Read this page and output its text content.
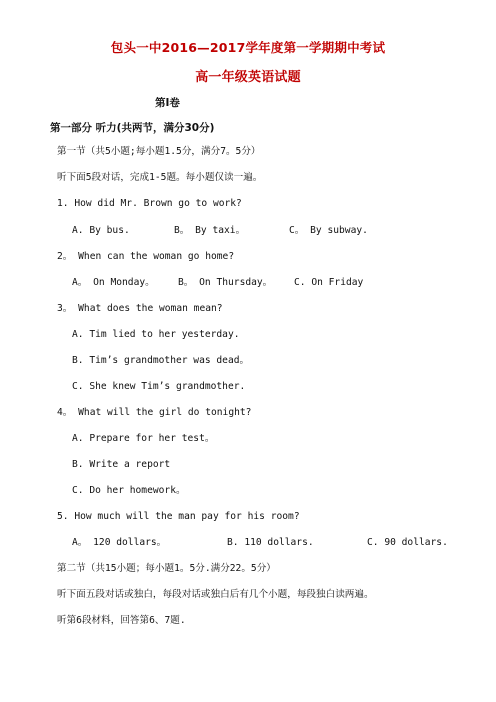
包头一中2016—2017学年度第一学期期中考试
高一年级英语试题
第Ⅰ卷
第一部分 听力(共两节，满分30分)
第一节（共5小题;每小题1.5分，满分7。5分）
听下面5段对话，完成1-5题。每小题仅读一遍。
1. How did Mr. Brown go to work?
A. By bus.	B。 By taxi。	C。 By subway.
2。 When can the woman go home?
A。 On Monday。 B。 On Thursday。 C. On Friday
3。 What does the woman mean?
A. Tim lied to her yesterday.
B. Tim’s grandmother was dead。
C. She knew Tim’s grandmother.
4。 What will the girl do tonight?
A. Prepare for her test。
B. Write a report
C. Do her homework。
5. How much will the man pay for his room?
A。 120 dollars。	B. 110 dollars.	C. 90 dollars.
第二节（共15小题；每小题1。5分.满分22。5分）
听下面五段对话或独白，每段对话或独白后有几个小题，每段独白读两遍。
听第6段材料，回答第6、7题.
